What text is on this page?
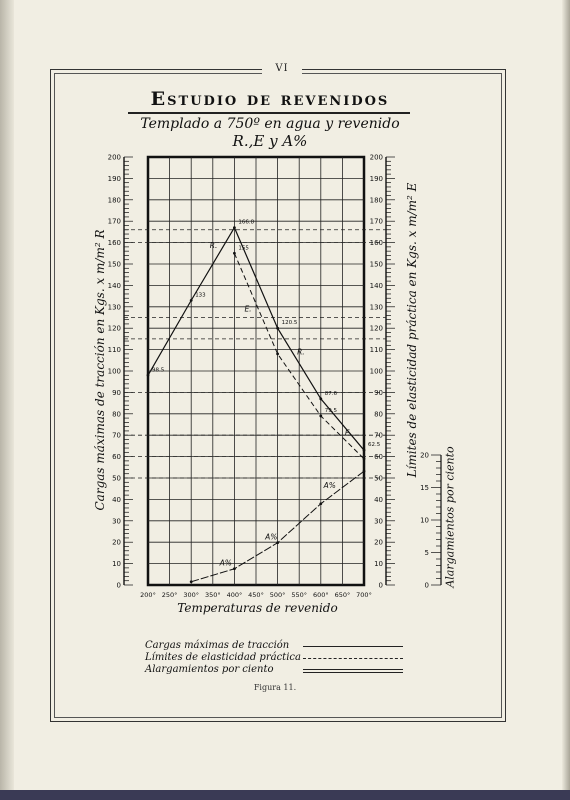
VI
Estudio de revenidos
Templado a 750º en agua y revenido
R.,E y A%
0
10
20
30
40
50
60
70
80
90
100
110
120
130
140
150
160
170
180
190
200
0
10
20
30
40
50
60
70
80
90
100
110
120
130
140
150
160
170
180
190
200
0
5
10
15
20
200° 250° 300° 350° 400° 450° 500° 550° 600° 650° 700°
98.5
133
166.8
120.5
87.6
62.5
155
79.5
R.
R.
E.
E.
A%
A%
A%
Cargas máximas de tracción en Kgs. x m/m² R	Límites de elasticidad práctica en Kgs. x m/m² E
Alargamientos por ciento
Temperaturas de revenido
Cargas máximas de tracción
Límites de elasticidad práctica
Alargamientos por ciento
Figura 11.
